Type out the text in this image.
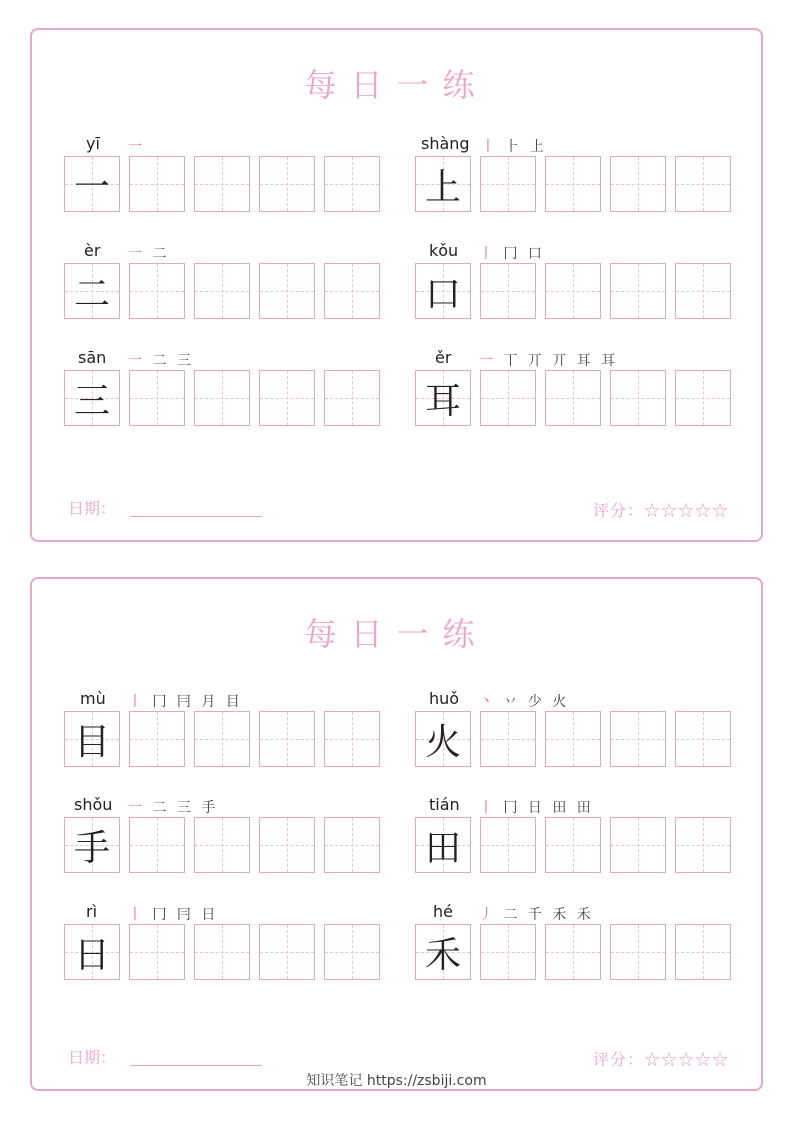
每日一练
yī 一
一
shàng 丨 ⺊ 上
上
èr 一 二
二
kǒu 丨 冂 口
口
sān 一 二 三
三
ěr 一 丅 丌 丌 耳 耳
耳
日期：	评分：☆☆☆☆☆
每日一练
mù 丨 冂 冃 月 目
目
huǒ 丶 丷 少 火
火
shǒu 一 二 三 手
手
tián 丨 冂 日 田 田
田
rì 丨 冂 冃 日
日
hé 丿 二 千 禾 禾
禾
日期：	评分：☆☆☆☆☆
知识笔记 https://zsbiji.com
